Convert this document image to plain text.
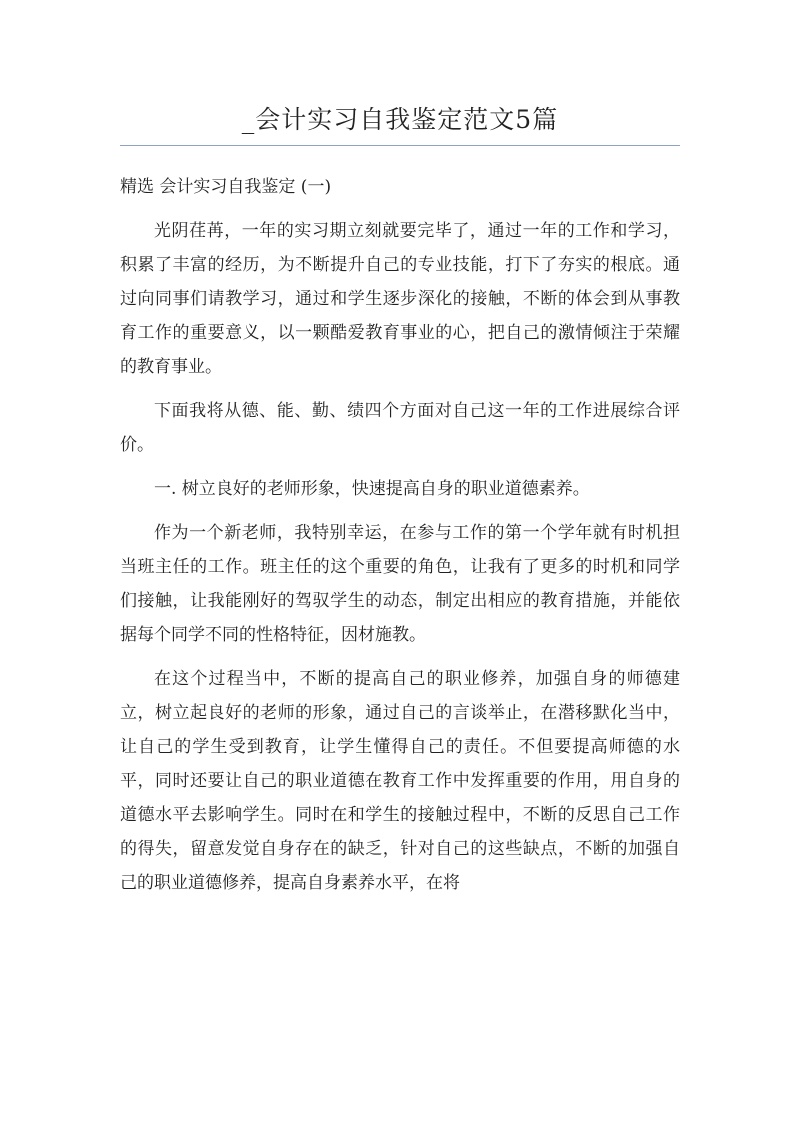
_会计实习自我鉴定范文5篇
精选 会计实习自我鉴定 (一)

光阴荏苒，一年的实习期立刻就要完毕了，通过一年的工作和学习，积累了丰富的经历，为不断提升自己的专业技能，打下了夯实的根底。通过向同事们请教学习，通过和学生逐步深化的接触，不断的体会到从事教育工作的重要意义，以一颗酷爱教育事业的心，把自己的激情倾注于荣耀的教育事业。

下面我将从德、能、勤、绩四个方面对自己这一年的工作进展综合评价。

一. 树立良好的老师形象，快速提高自身的职业道德素养。

作为一个新老师，我特别幸运，在参与工作的第一个学年就有时机担当班主任的工作。班主任的这个重要的角色，让我有了更多的时机和同学们接触，让我能刚好的驾驭学生的动态，制定出相应的教育措施，并能依据每个同学不同的性格特征，因材施教。

在这个过程当中，不断的提高自己的职业修养，加强自身的师德建立，树立起良好的老师的形象，通过自己的言谈举止，在潜移默化当中，让自己的学生受到教育，让学生懂得自己的责任。不但要提高师德的水平，同时还要让自己的职业道德在教育工作中发挥重要的作用，用自身的道德水平去影响学生。同时在和学生的接触过程中，不断的反思自己工作的得失，留意发觉自身存在的缺乏，针对自己的这些缺点，不断的加强自己的职业道德修养，提高自身素养水平，在将
